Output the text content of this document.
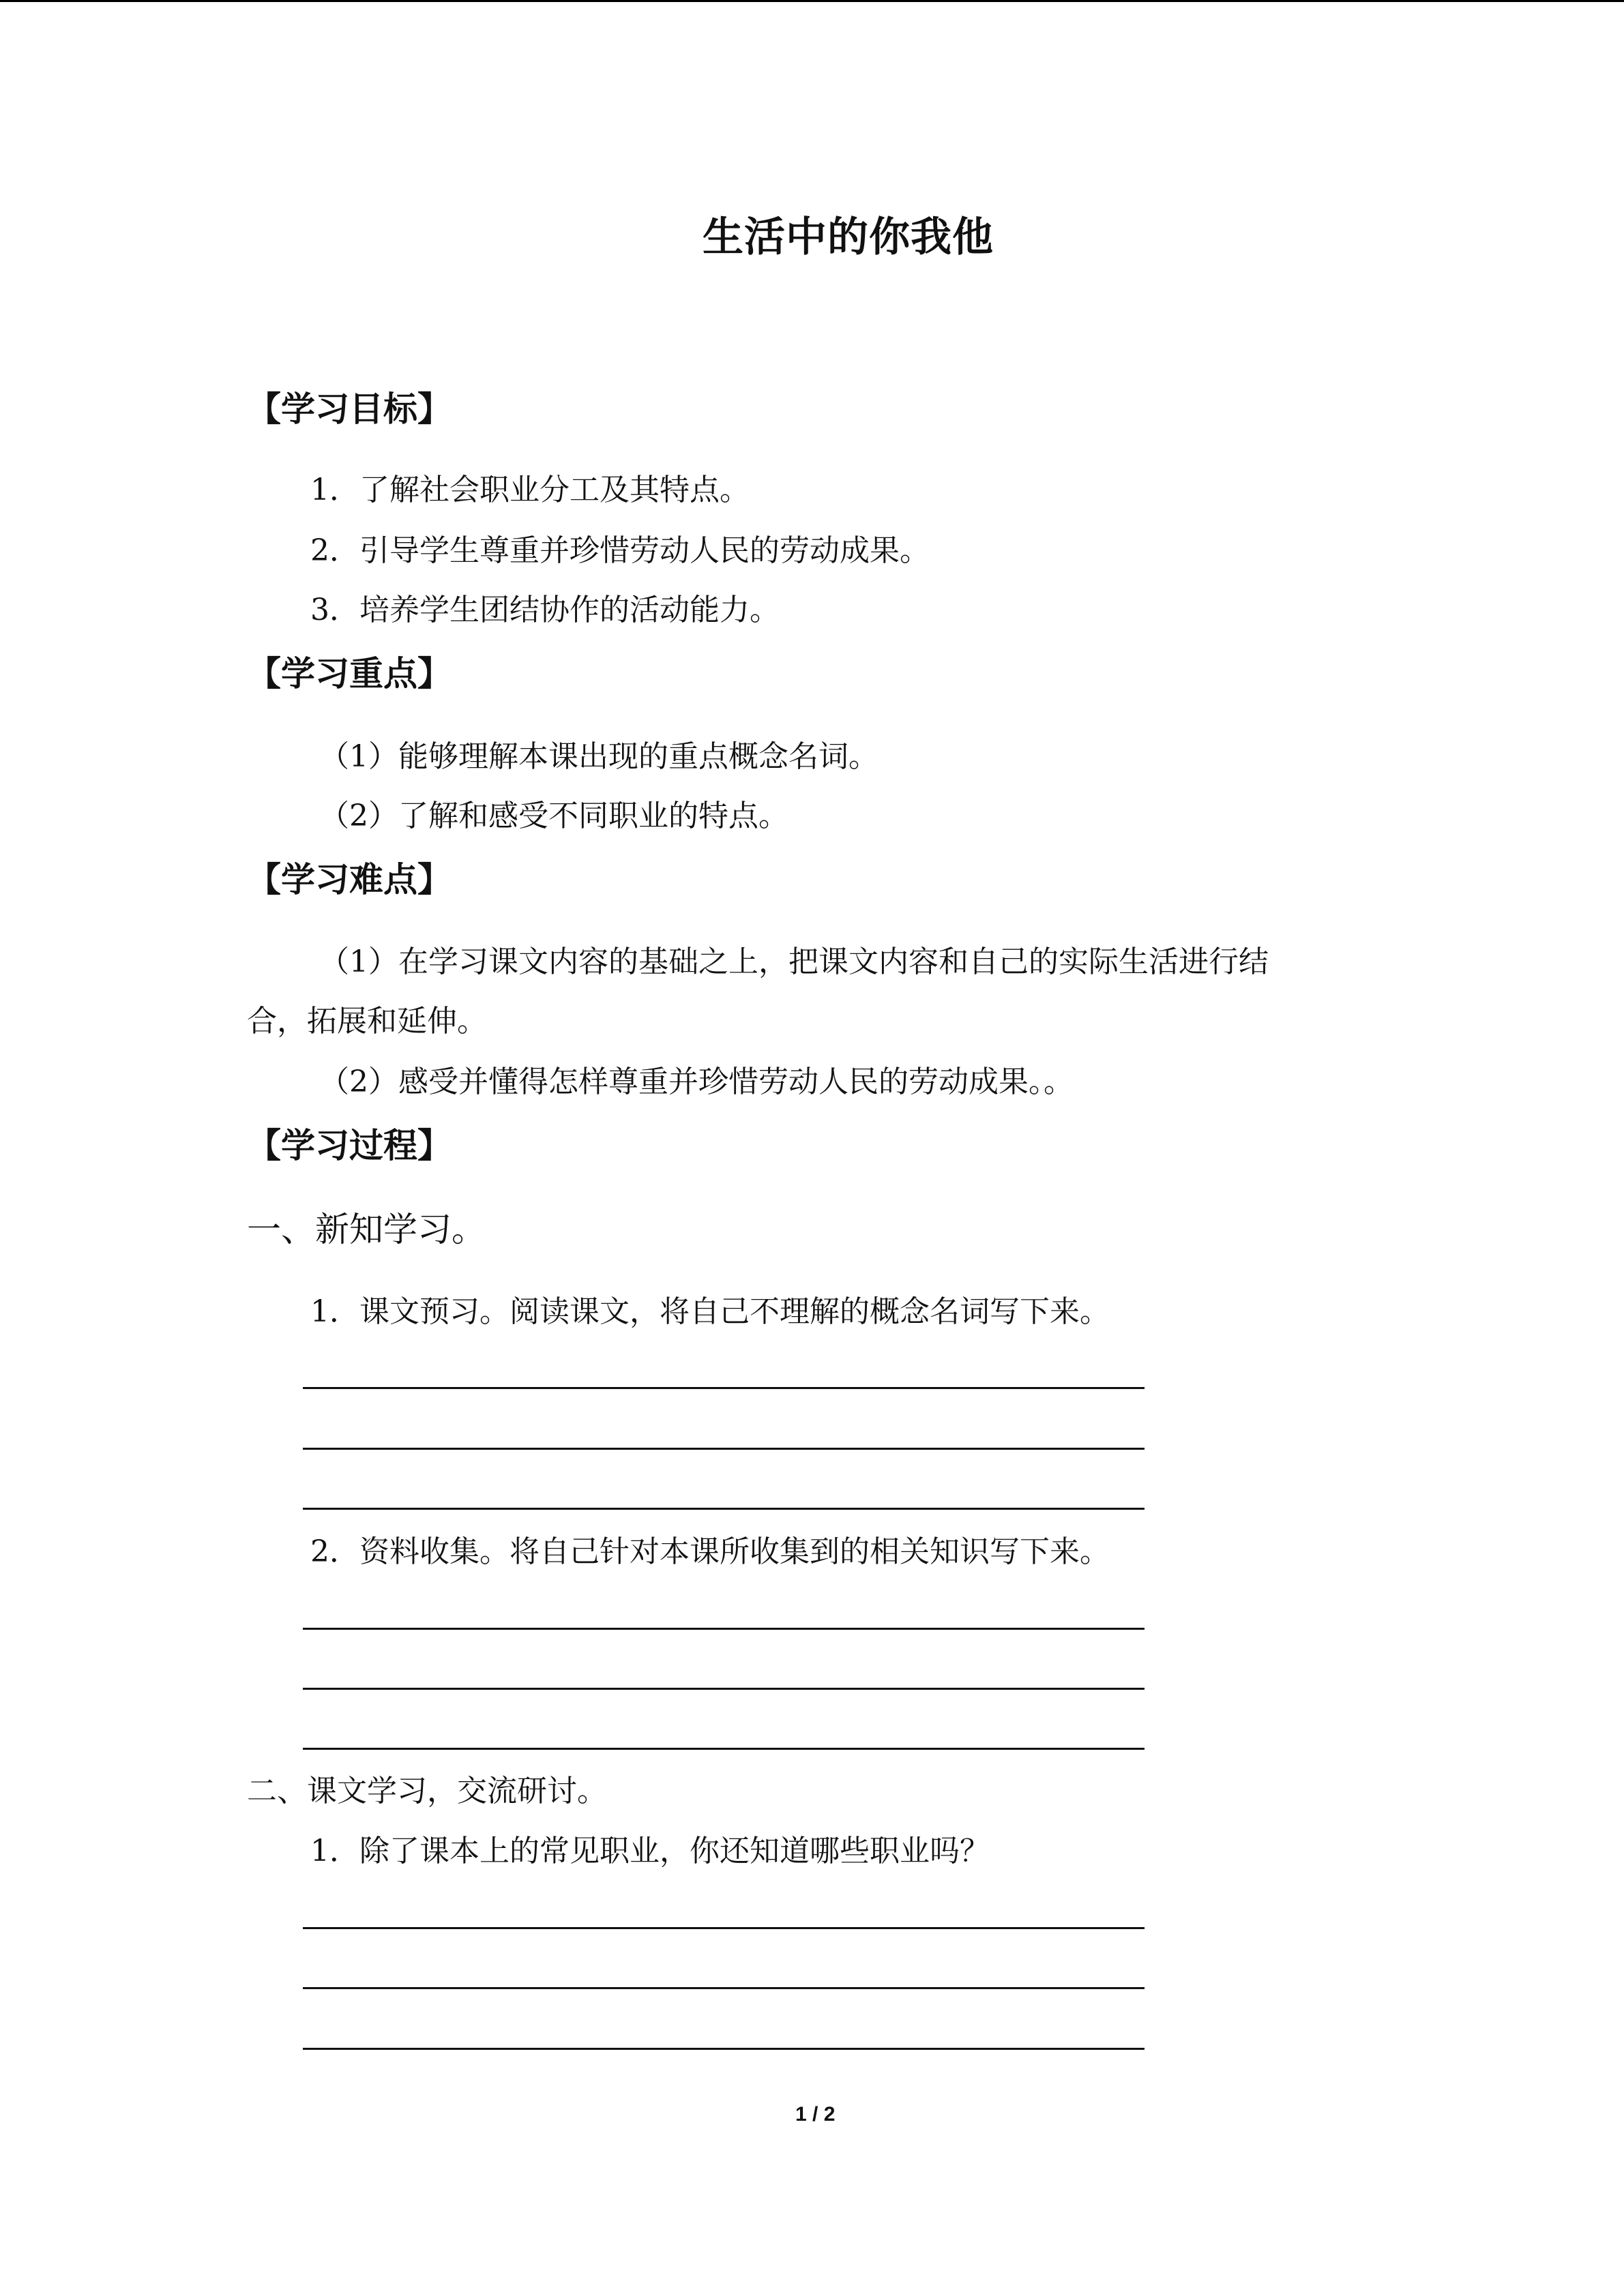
生活中的你我他
【学习目标】
1．了解社会职业分工及其特点。
2．引导学生尊重并珍惜劳动人民的劳动成果。
3．培养学生团结协作的活动能力。
【学习重点】
（1）能够理解本课出现的重点概念名词。
（2）了解和感受不同职业的特点。
【学习难点】
（1）在学习课文内容的基础之上，把课文内容和自己的实际生活进行结
合，拓展和延伸。
（2）感受并懂得怎样尊重并珍惜劳动人民的劳动成果。。
【学习过程】
一、新知学习。
1．课文预习。阅读课文，将自己不理解的概念名词写下来。
2．资料收集。将自己针对本课所收集到的相关知识写下来。
二、课文学习，交流研讨。
1．除了课本上的常见职业，你还知道哪些职业吗？
1 / 2
